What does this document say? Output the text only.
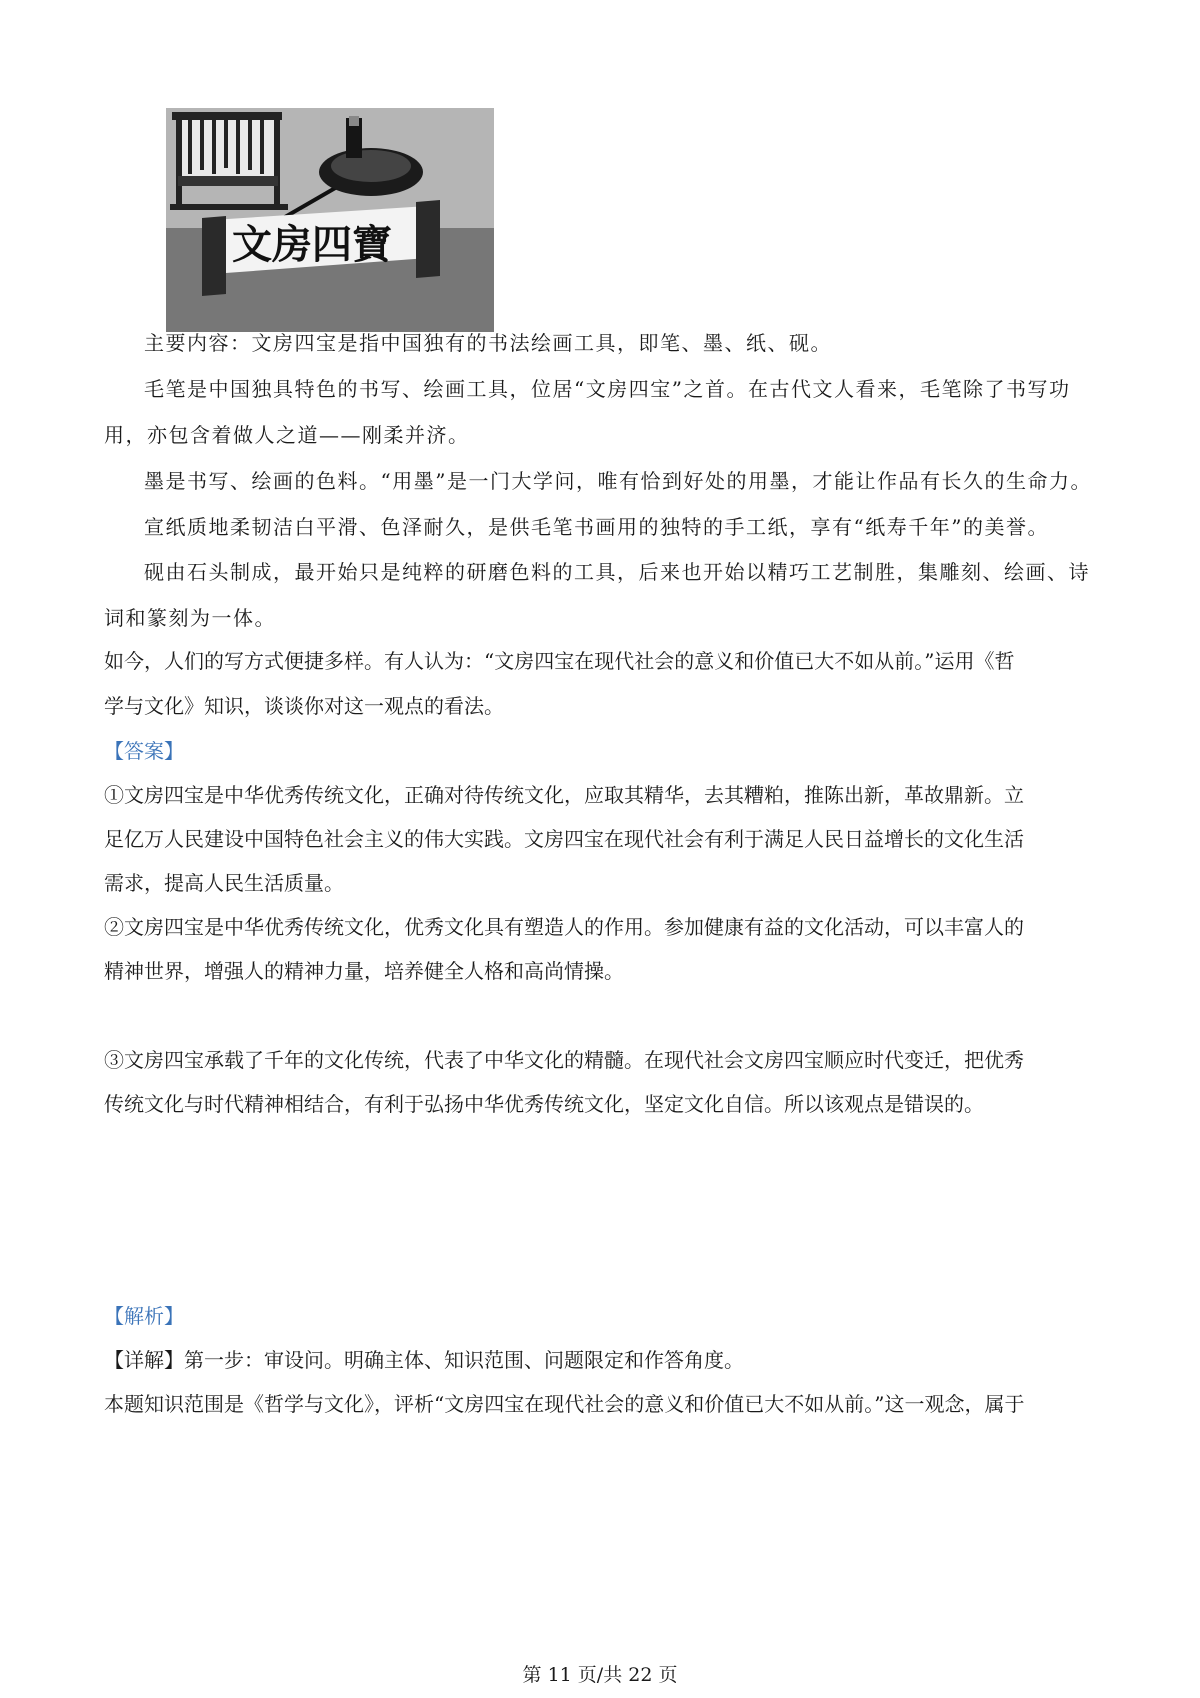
文房四寶
主要内容：文房四宝是指中国独有的书法绘画工具，即笔、墨、纸、砚。
毛笔是中国独具特色的书写、绘画工具，位居“文房四宝”之首。在古代文人看来，毛笔除了书写功
用，亦包含着做人之道——刚柔并济。
墨是书写、绘画的色料。“用墨”是一门大学问，唯有恰到好处的用墨，才能让作品有长久的生命力。
宣纸质地柔韧洁白平滑、色泽耐久，是供毛笔书画用的独特的手工纸，享有“纸寿千年”的美誉。
砚由石头制成，最开始只是纯粹的研磨色料的工具，后来也开始以精巧工艺制胜，集雕刻、绘画、诗
词和篆刻为一体。
如今，人们的写方式便捷多样。有人认为：“文房四宝在现代社会的意义和价值已大不如从前。”运用《哲
学与文化》知识，谈谈你对这一观点的看法。
【答案】
①文房四宝是中华优秀传统文化，正确对待传统文化，应取其精华，去其糟粕，推陈出新，革故鼎新。立
足亿万人民建设中国特色社会主义的伟大实践。文房四宝在现代社会有利于满足人民日益增长的文化生活
需求，提高人民生活质量。
②文房四宝是中华优秀传统文化，优秀文化具有塑造人的作用。参加健康有益的文化活动，可以丰富人的
精神世界，增强人的精神力量，培养健全人格和高尚情操。
③文房四宝承载了千年的文化传统，代表了中华文化的精髓。在现代社会文房四宝顺应时代变迁，把优秀
传统文化与时代精神相结合，有利于弘扬中华优秀传统文化，坚定文化自信。所以该观点是错误的。
【解析】
【详解】第一步：审设问。明确主体、知识范围、问题限定和作答角度。
本题知识范围是《哲学与文化》，评析“文房四宝在现代社会的意义和价值已大不如从前。”这一观念，属于
第 11 页/共 22 页
